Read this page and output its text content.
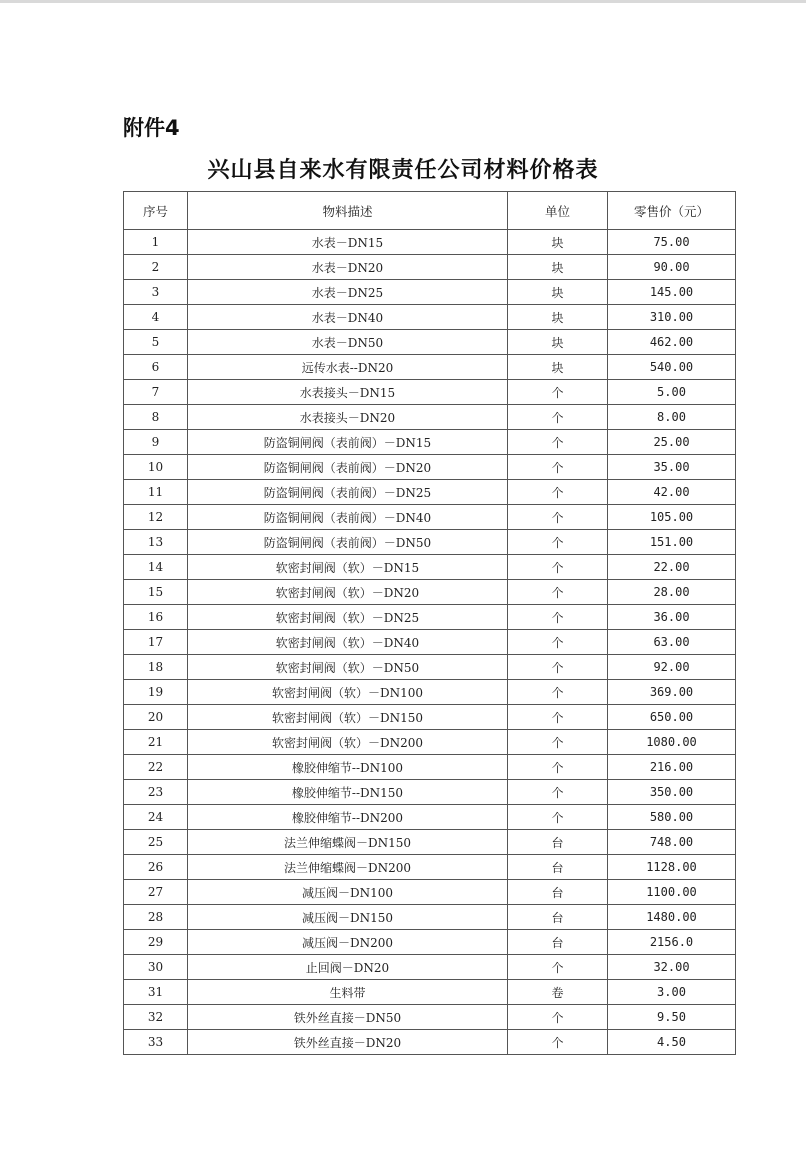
附件4
兴山县自来水有限责任公司材料价格表
序号	物料描述	单位	零售价（元）
1	水表－DN15	块	75.00
2	水表－DN20	块	90.00
3	水表－DN25	块	145.00
4	水表－DN40	块	310.00
5	水表－DN50	块	462.00
6	远传水表--DN20	块	540.00
7	水表接头－DN15	个	5.00
8	水表接头－DN20	个	8.00
9	防盗铜闸阀（表前阀）－DN15	个	25.00
10	防盗铜闸阀（表前阀）－DN20	个	35.00
11	防盗铜闸阀（表前阀）－DN25	个	42.00
12	防盗铜闸阀（表前阀）－DN40	个	105.00
13	防盗铜闸阀（表前阀）－DN50	个	151.00
14	软密封闸阀（软）－DN15	个	22.00
15	软密封闸阀（软）－DN20	个	28.00
16	软密封闸阀（软）－DN25	个	36.00
17	软密封闸阀（软）－DN40	个	63.00
18	软密封闸阀（软）－DN50	个	92.00
19	软密封闸阀（软）－DN100	个	369.00
20	软密封闸阀（软）－DN150	个	650.00
21	软密封闸阀（软）－DN200	个	1080.00
22	橡胶伸缩节--DN100	个	216.00
23	橡胶伸缩节--DN150	个	350.00
24	橡胶伸缩节--DN200	个	580.00
25	法兰伸缩蝶阀－DN150	台	748.00
26	法兰伸缩蝶阀－DN200	台	1128.00
27	减压阀－DN100	台	1100.00
28	减压阀－DN150	台	1480.00
29	减压阀－DN200	台	2156.0
30	止回阀－DN20	个	32.00
31	生料带	卷	3.00
32	铁外丝直接－DN50	个	9.50
33	铁外丝直接－DN20	个	4.50
